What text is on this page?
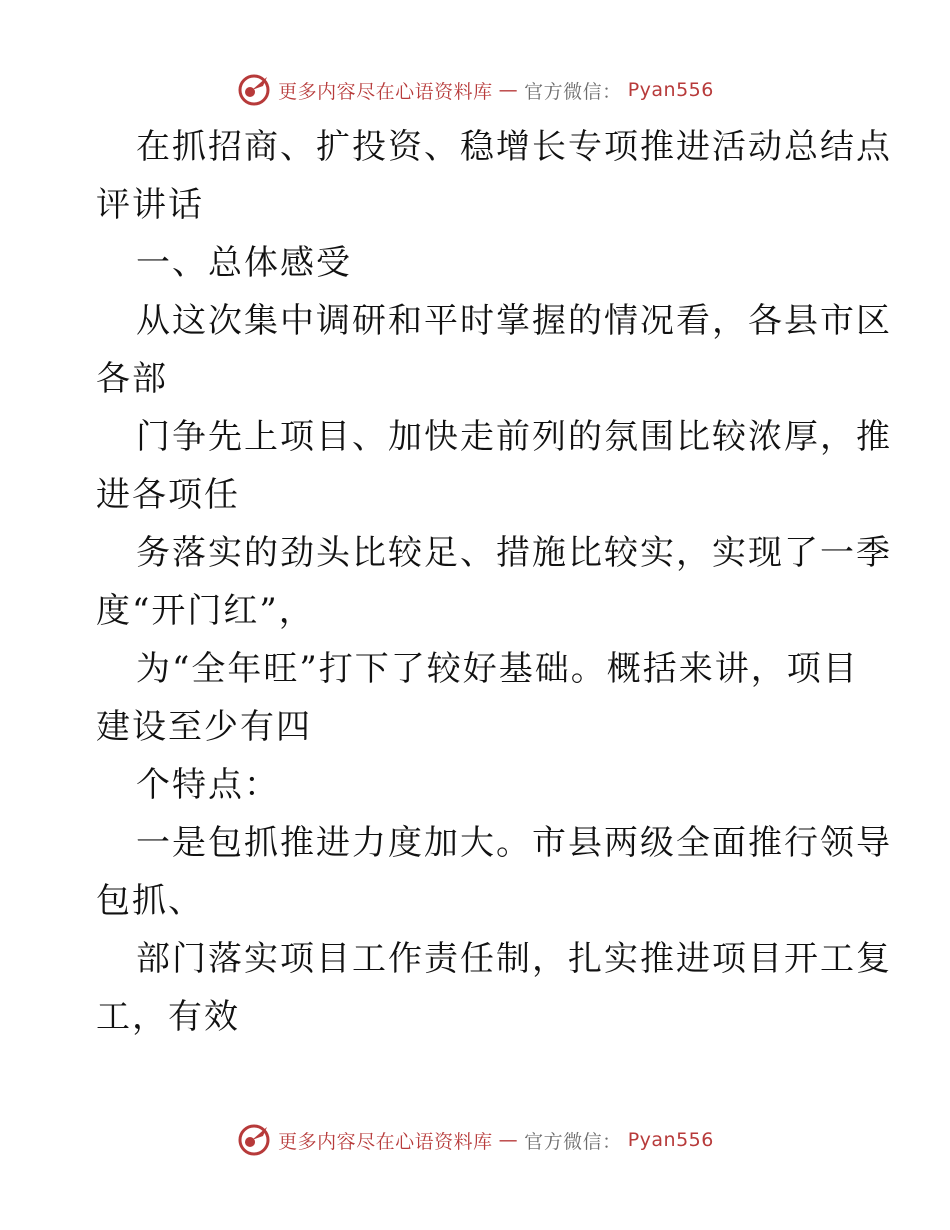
更多内容尽在心语资料库 — 官方微信： Pyan556
在抓招商、扩投资、稳增长专项推进活动总结点
评讲话
一、总体感受
从这次集中调研和平时掌握的情况看，各县市区
各部
门争先上项目、加快走前列的氛围比较浓厚，推
进各项任
务落实的劲头比较足、措施比较实，实现了一季
度“开门红”，
为“全年旺”打下了较好基础。概括来讲，项目
建设至少有四
个特点：
一是包抓推进力度加大。市县两级全面推行领导
包抓、
部门落实项目工作责任制，扎实推进项目开工复
工，有效
更多内容尽在心语资料库 — 官方微信： Pyan556
